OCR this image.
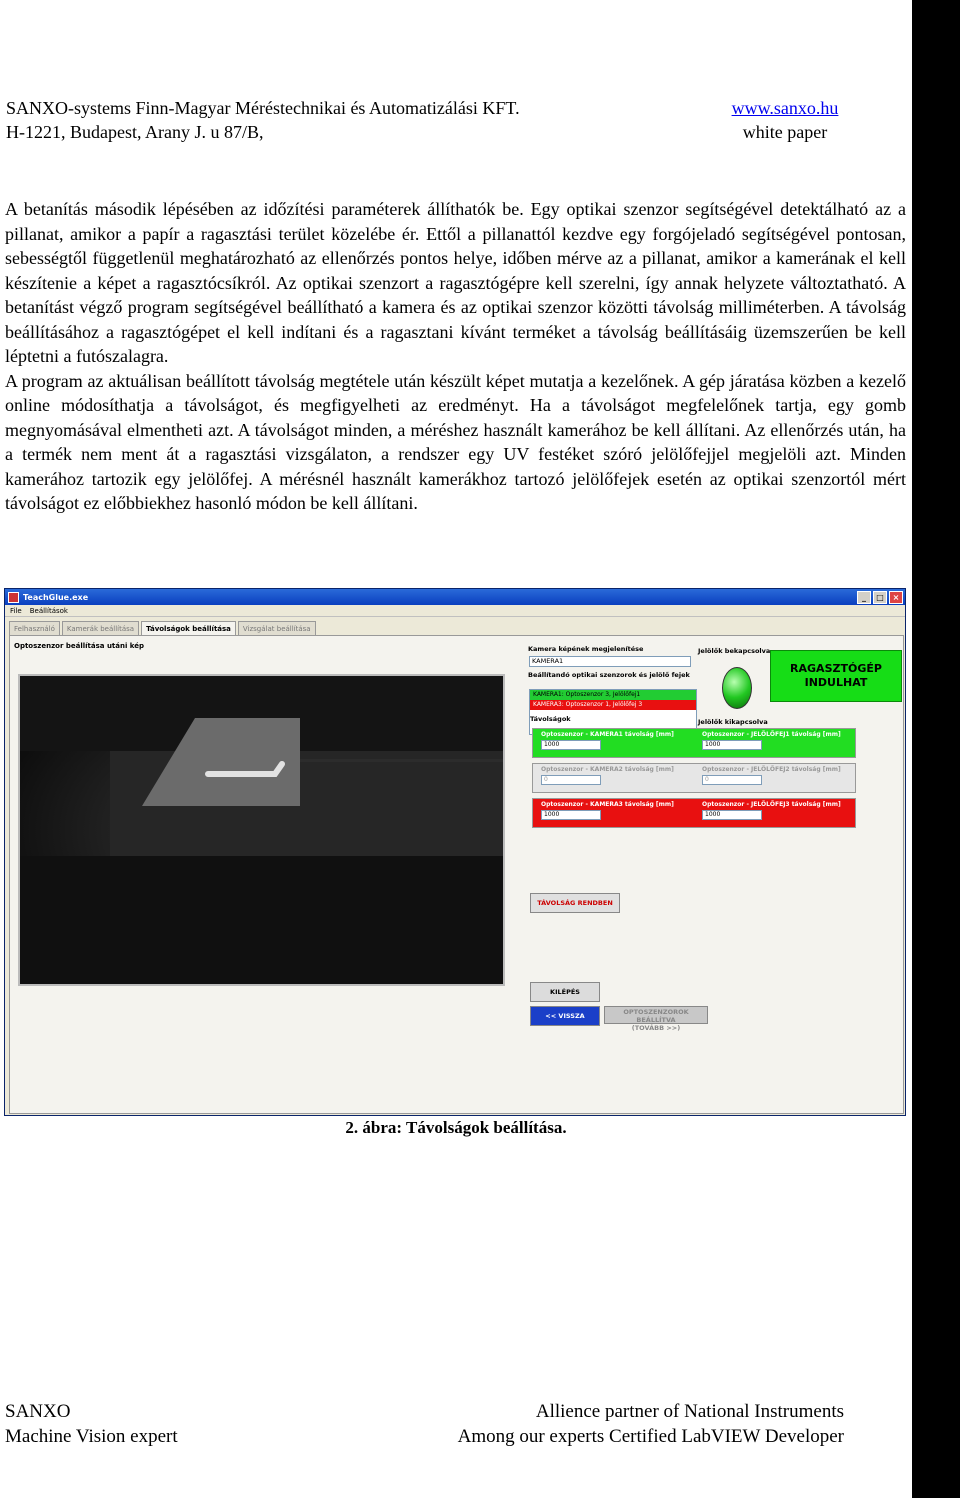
SANXO-systems Finn-Magyar Méréstechnikai és Automatizálási KFT.
H-1221, Budapest, Arany J. u 87/B,
www.sanxo.hu
white paper

A betanítás második lépésében az időzítési paraméterek állíthatók be. Egy optikai szenzor segítségével detektálható az a pillanat, amikor a papír a ragasztási terület közelébe ér. Ettől a pillanattól kezdve egy forgójeladó segítségével pontosan, sebességtől függetlenül meghatározható az ellenőrzés pontos helye, időben mérve az a pillanat, amikor a kamerának el kell készítenie a képet a ragasztócsíkról. Az optikai szenzort a ragasztógépre kell szerelni, így annak helyzete változtatható. A betanítást végző program segítségével beállítható a kamera és az optikai szenzor közötti távolság milliméterben. A távolság beállításához a ragasztógépet el kell indítani és a ragasztani kívánt terméket a távolság beállításáig üzemszerűen be kell léptetni a futószalagra.

A program az aktuálisan beállított távolság megtétele után készült képet mutatja a kezelőnek. A gép járatása közben a kezelő online módosíthatja a távolságot, és megfigyelheti az eredményt. Ha a távolságot megfelelőnek tartja, egy gomb megnyomásával elmentheti azt. A távolságot minden, a méréshez használt kamerához be kell állítani. Az ellenőrzés után, ha a termék nem ment át a ragasztási vizsgálaton, a rendszer egy UV festéket szóró jelölőfejjel megjelöli azt. Minden kamerához tartozik egy jelölőfej. A mérésnél használt kamerákhoz tartozó jelölőfejek esetén az optikai szenzortól mért távolságot ez előbbiekhez hasonló módon be kell állítani.

TeachGlue.exe	_	□	×
File Beállítások
Felhasználó	Kamerák beállítása	Távolságok beállítása	Vizsgálat beállítása
Optoszenzor beállítása utáni kép	Kamera képének megjelenítése
KAMERA1
Beállítandó optikai szenzorok és jelölő fejek
KAMERA1: Optoszenzor 3, Jelölőfej1
KAMERA3: Optoszenzor 1, Jelölőfej 3
Jelölők bekapcsolva
Jelölők kikapcsolva
RAGASZTÓGÉP INDULHAT
Távolságok
Optoszenzor - KAMERA1 távolság [mm]
1000
Optoszenzor - JELÖLŐFEJ1 távolság [mm]
1000
Optoszenzor - KAMERA2 távolság [mm]
0
Optoszenzor - JELÖLŐFEJ2 távolság [mm]
0
Optoszenzor - KAMERA3 távolság [mm]
1000
Optoszenzor - JELÖLŐFEJ3 távolság [mm]
1000
TÁVOLSÁG RENDBEN
KILÉPÉS
<< VISSZA	OPTOSZENZOROK BEÁLLÍTVA
(TOVÁBB >>)
2. ábra: Távolságok beállítása.
SANXO
Machine Vision expert
Allience partner of National Instruments
Among our experts Certified LabVIEW Developer
